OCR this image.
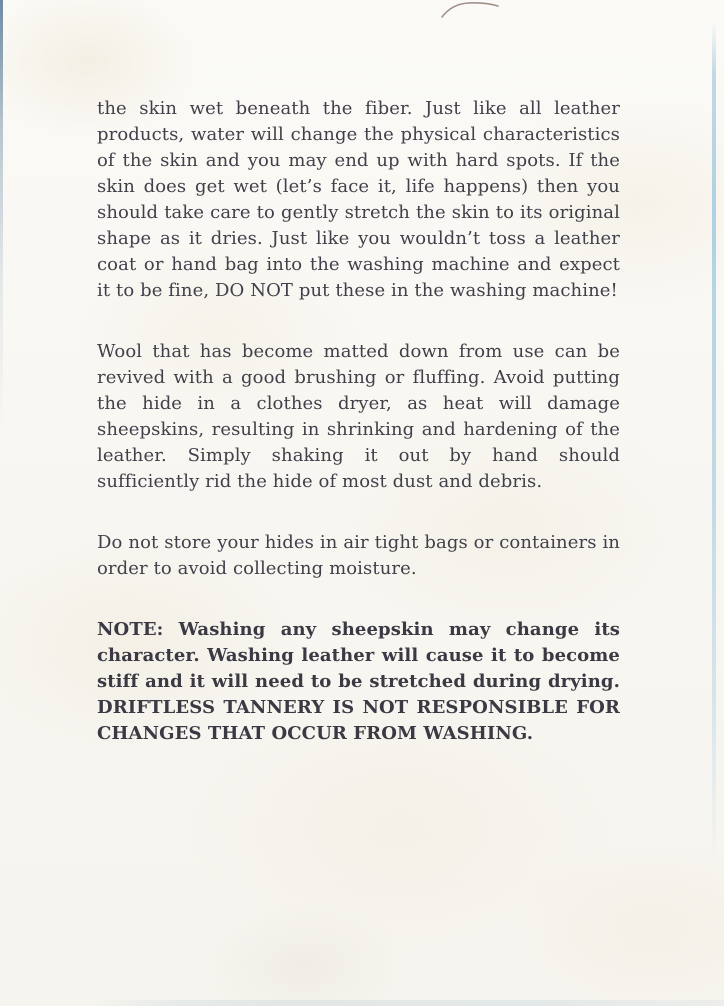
the skin wet beneath the fiber. Just like all leather products, water will change the physical characteristics of the skin and you may end up with hard spots. If the skin does get wet (let’s face it, life happens) then you should take care to gently stretch the skin to its original shape as it dries. Just like you wouldn’t toss a leather coat or hand bag into the washing machine and expect it to be fine, DO NOT put these in the washing machine!

Wool that has become matted down from use can be revived with a good brushing or fluffing. Avoid putting the hide in a clothes dryer, as heat will damage sheepskins, resulting in shrinking and hardening of the leather. Simply shaking it out by hand should sufficiently rid the hide of most dust and debris.

Do not store your hides in air tight bags or containers in order to avoid collecting moisture.

NOTE: Washing any sheepskin may change its character. Washing leather will cause it to become stiff and it will need to be stretched during drying. DRIFTLESS TANNERY IS NOT RESPONSIBLE FOR CHANGES THAT OCCUR FROM WASHING.
